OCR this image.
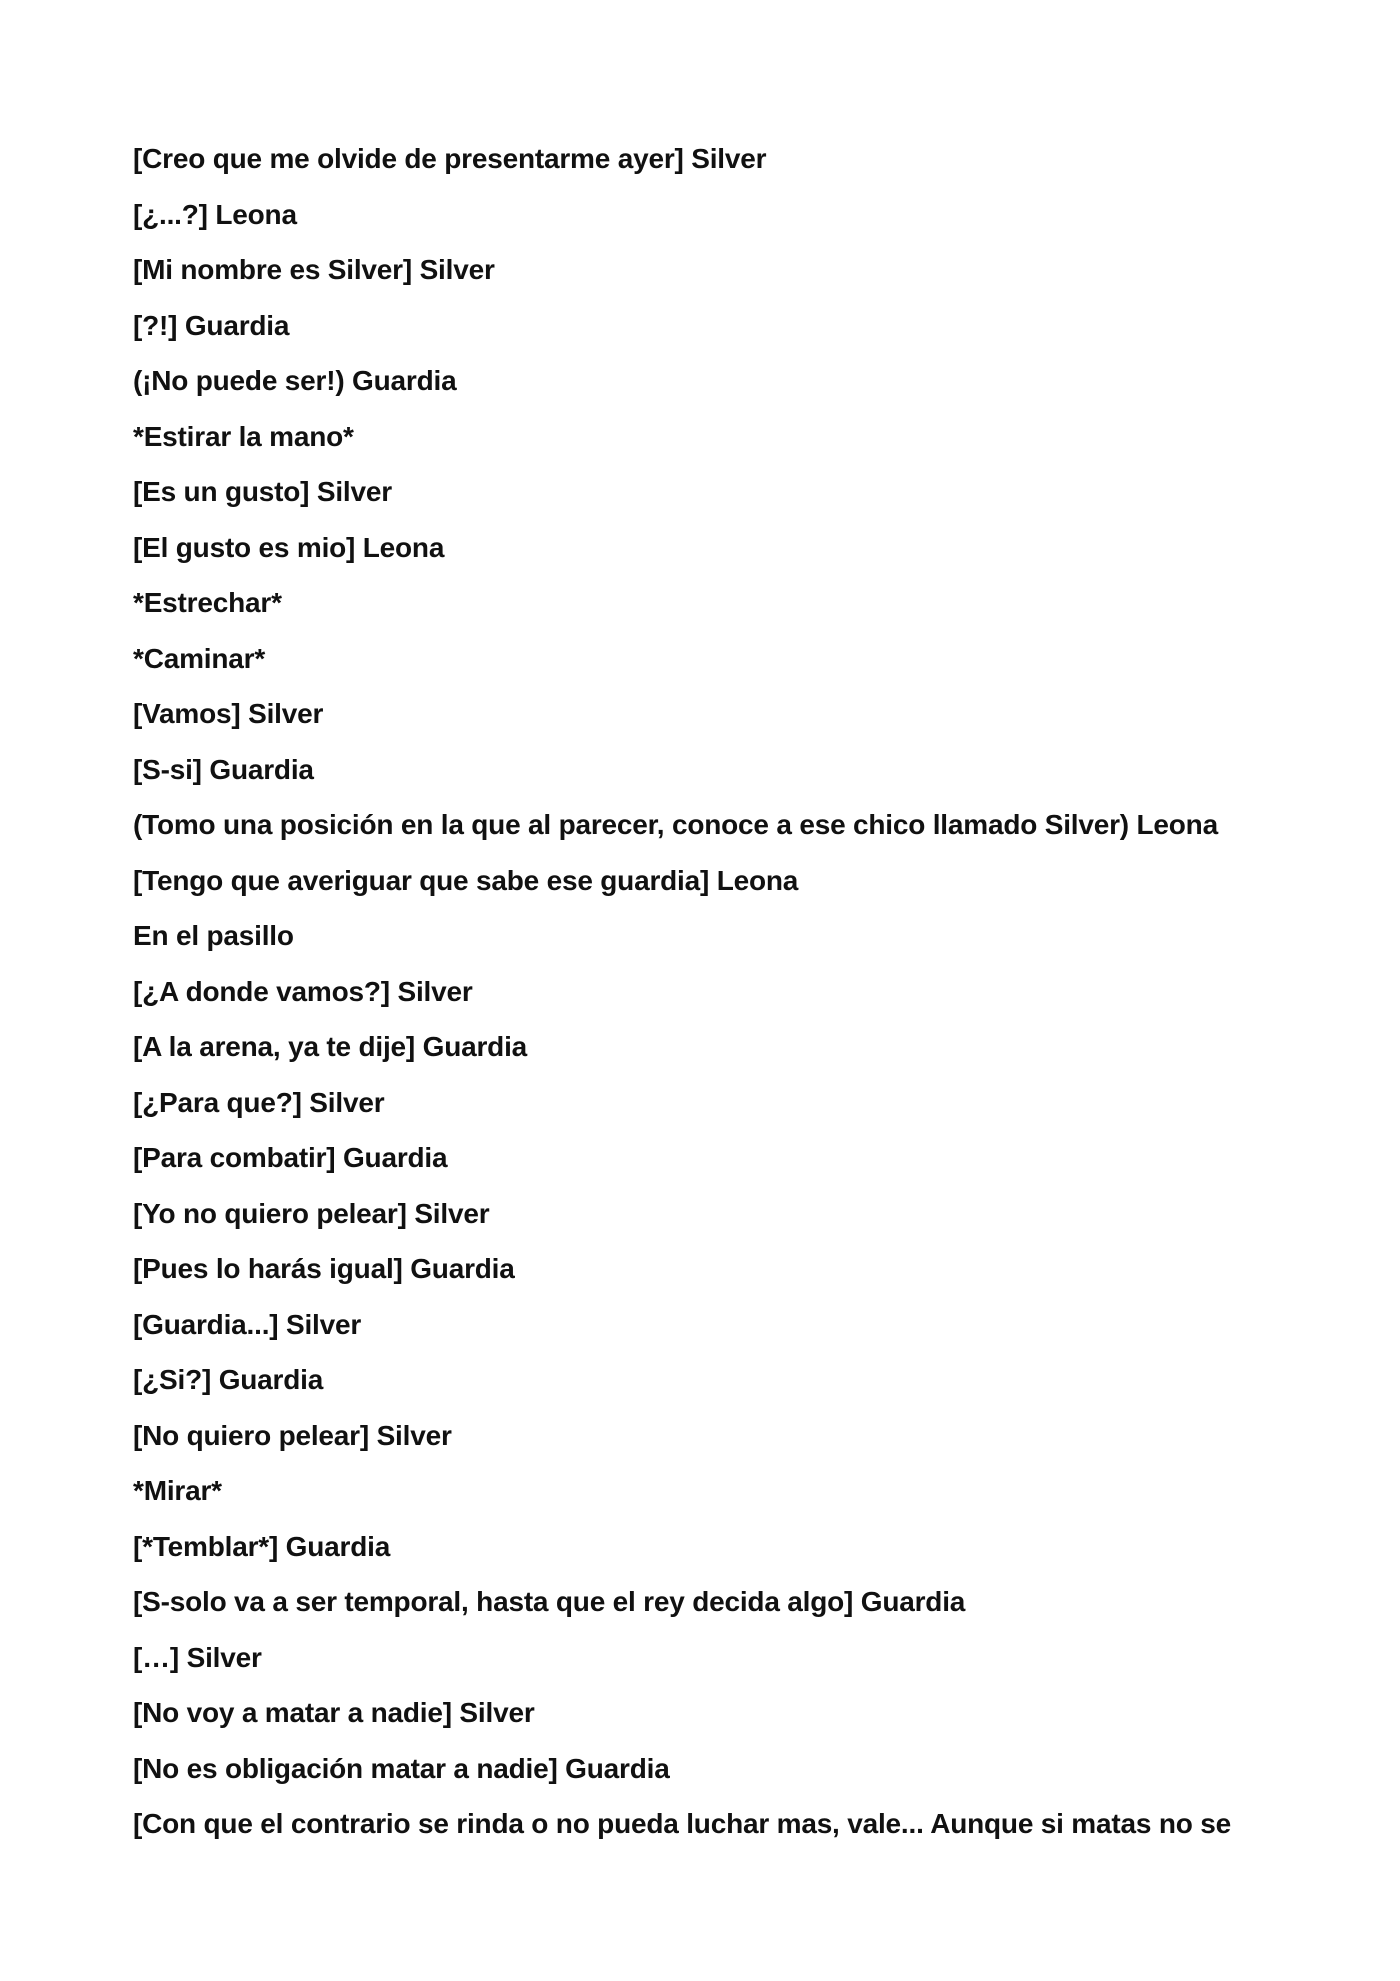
[Creo que me olvide de presentarme ayer] Silver
[¿...?] Leona
[Mi nombre es Silver] Silver
[?!] Guardia
(¡No puede ser!) Guardia
*Estirar la mano*
[Es un gusto] Silver
[El gusto es mio] Leona
*Estrechar*
*Caminar*
[Vamos] Silver
[S-si] Guardia
(Tomo una posición en la que al parecer, conoce a ese chico llamado Silver) Leona
[Tengo que averiguar que sabe ese guardia] Leona
En el pasillo
[¿A donde vamos?] Silver
[A la arena, ya te dije] Guardia
[¿Para que?] Silver
[Para combatir] Guardia
[Yo no quiero pelear] Silver
[Pues lo harás igual] Guardia
[Guardia...] Silver
[¿Si?] Guardia
[No quiero pelear] Silver
*Mirar*
[*Temblar*] Guardia
[S-solo va a ser temporal, hasta que el rey decida algo] Guardia
[…] Silver
[No voy a matar a nadie] Silver
[No es obligación matar a nadie] Guardia
[Con que el contrario se rinda o no pueda luchar mas, vale... Aunque si matas no se
